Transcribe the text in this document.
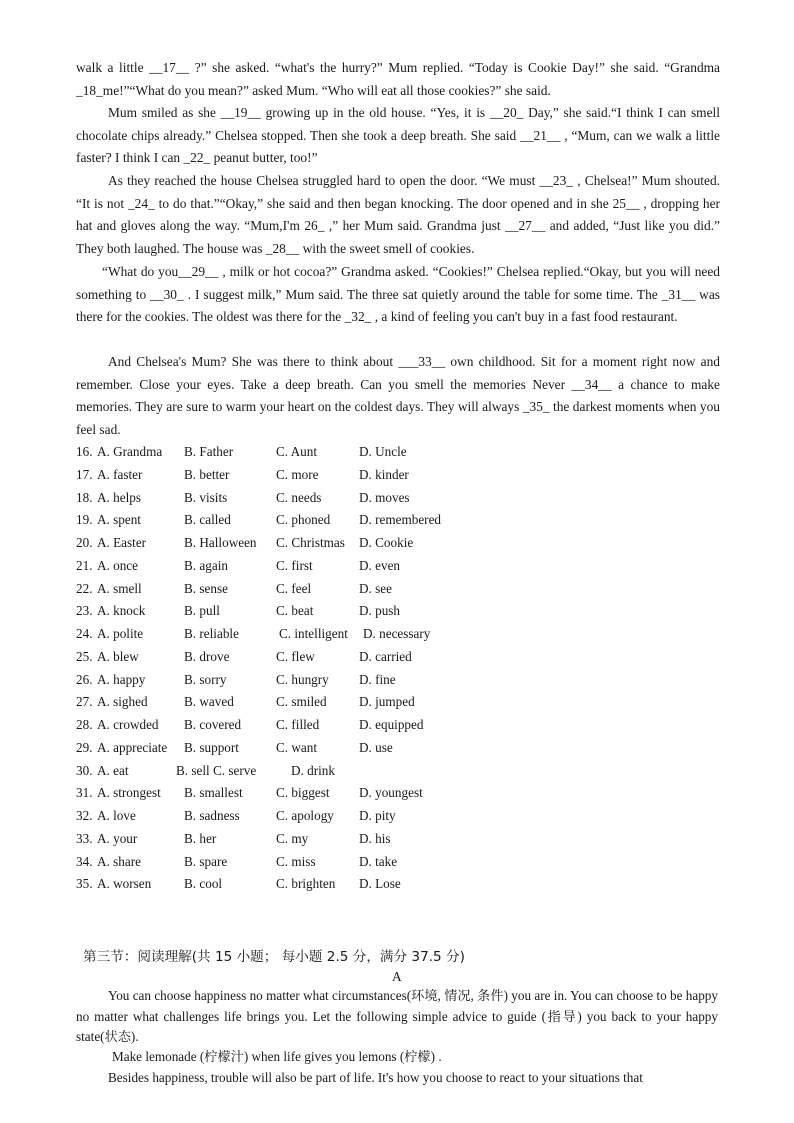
walk a little __17__ ?” she asked. “what's the hurry?” Mum replied. “Today is Cookie Day!” she said. “Grandma _18_me!”“What do you mean?” asked Mum. “Who will eat all those cookies?” she said.

Mum smiled as she __19__ growing up in the old house. “Yes, it is __20_ Day,” she said.“I think I can smell chocolate chips already.” Chelsea stopped. Then she took a deep breath. She said __21__ , “Mum, can we walk a little faster? I think I can _22_ peanut butter, too!”

As they reached the house Chelsea struggled hard to open the door. “We must __23_ , Chelsea!” Mum shouted. “It is not _24_ to do that.”“Okay,” she said and then began knocking. The door opened and in she 25__ , dropping her hat and gloves along the way. “Mum,I'm 26_ ,” her Mum said. Grandma just __27__ and added, “Just like you did.” They both laughed. The house was _28__ with the sweet smell of cookies.

“What do you__29__ , milk or hot cocoa?” Grandma asked. “Cookies!” Chelsea replied.“Okay, but you will need something to __30_ . I suggest milk,” Mum said. The three sat quietly around the table for some time. The _31__ was there for the cookies. The oldest was there for the _32_ , a kind of feeling you can't buy in a fast food restaurant.

And Chelsea's Mum? She was there to think about ___33__ own childhood. Sit for a moment right now and remember. Close your eyes. Take a deep breath. Can you smell the memories Never __34__ a chance to make memories. They are sure to warm your heart on the coldest days. They will always _35_ the darkest moments when you feel sad.

16. A. Grandma B. Father	C. Aunt	D. Uncle
17. A. faster	B. better	C. more	D. kinder
18. A. helps	B. visits	C. needs	D. moves
19. A. spent	B. called	C. phoned D. remembered
20. A. Easter	B. Halloween C. Christmas D. Cookie
21. A. once	B. again	C. first	D. even
22. A. smell	B. sense	C. feel	D. see
23. A. knock	B. pull	C. beat	D. push
24. A. polite	B. reliable	C. intelligent D. necessary
25. A. blew	B. drove	C. flew	D. carried
26. A. happy	B. sorry	C. hungry D. fine
27. A. sighed	B. waved	C. smiled D. jumped
28. A. crowded B. covered	C. filled	D. equipped
29. A. appreciate B. support	C. want	D. use
30. A. eat	B. sell C. serve	D. drink
31. A. strongest B. smallest	C. biggest D. youngest
32. A. love	B. sadness	C. apology D. pity
33. A. your	B. her	C. my	D. his
34. A. share	B. spare	C. miss	D. take
35. A. worsen B. cool	C. brighten D. Lose

第三节：阅读理解(共 15 小题； 每小题 2.5 分，满分 37.5 分)

A

You can choose happiness no matter what circumstances(环境, 情况, 条件) you are in. You can choose to be happy no matter what challenges life brings you. Let the following simple advice to guide (指导) you back to your happy state(状态).

Make lemonade (柠檬汁) when life gives you lemons (柠檬) .

Besides happiness, trouble will also be part of life. It's how you choose to react to your situations that
